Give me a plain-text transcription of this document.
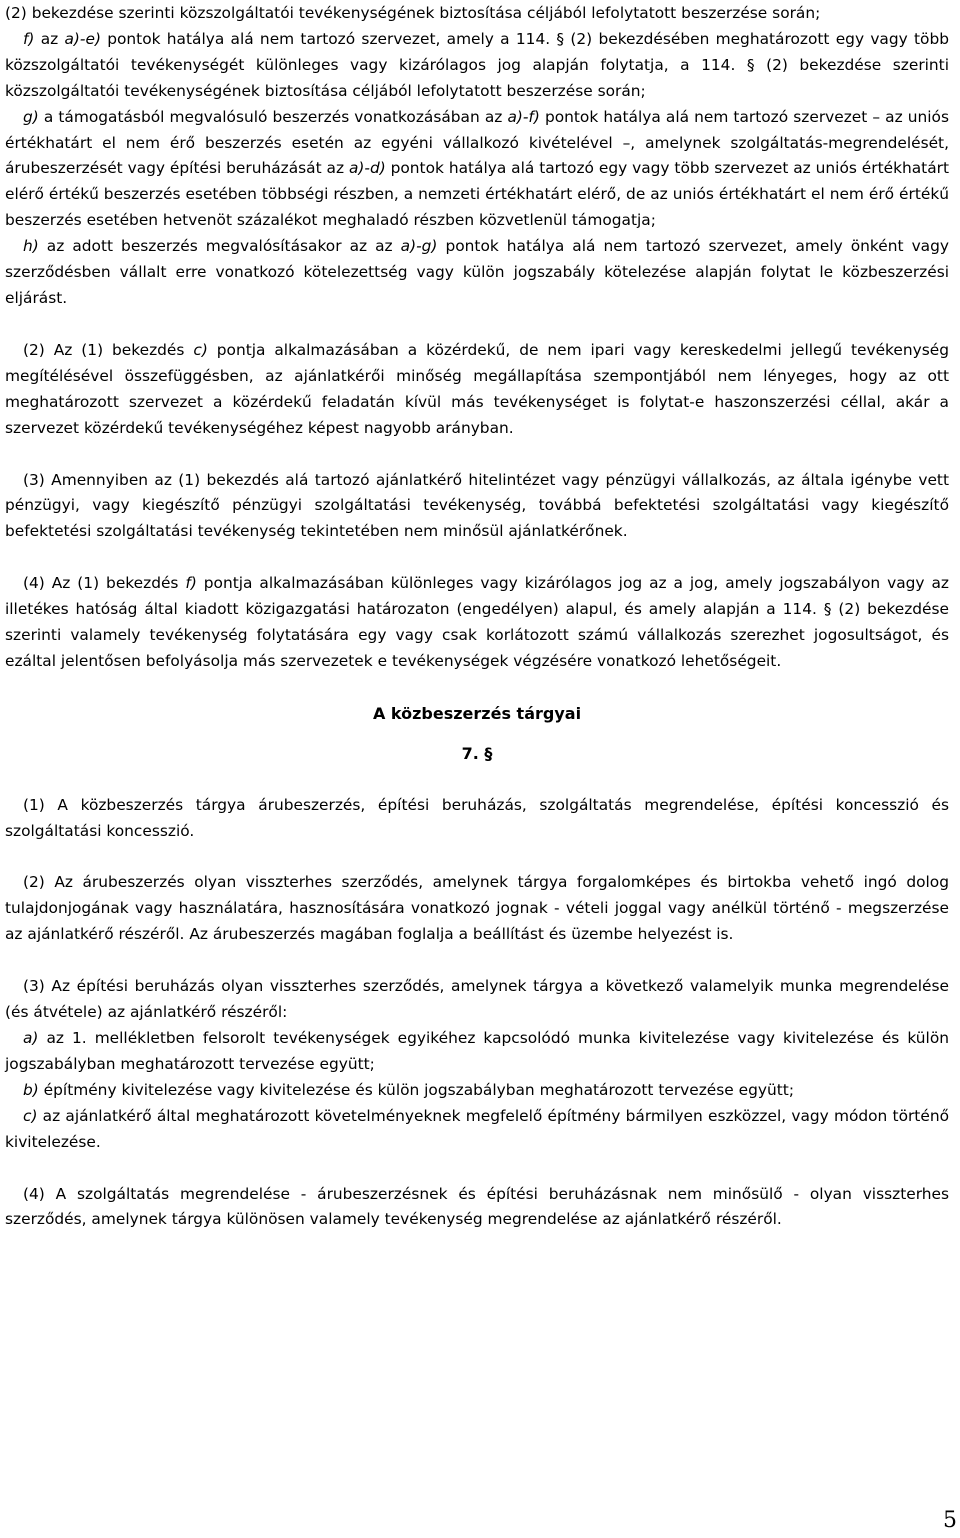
(2) bekezdése szerinti közszolgáltatói tevékenységének biztosítása céljából lefolytatott beszerzése során;

f) az a)-e) pontok hatálya alá nem tartozó szervezet, amely a 114. § (2) bekezdésében meghatározott egy vagy több közszolgáltatói tevékenységét különleges vagy kizárólagos jog alapján folytatja, a 114. § (2) bekezdése szerinti közszolgáltatói tevékenységének biztosítása céljából lefolytatott beszerzése során;

g) a támogatásból megvalósuló beszerzés vonatkozásában az a)-f) pontok hatálya alá nem tartozó szervezet – az uniós értékhatárt el nem érő beszerzés esetén az egyéni vállalkozó kivételével –, amelynek szolgáltatás-megrendelését, árubeszerzését vagy építési beruházását az a)-d) pontok hatálya alá tartozó egy vagy több szervezet az uniós értékhatárt elérő értékű beszerzés esetében többségi részben, a nemzeti értékhatárt elérő, de az uniós értékhatárt el nem érő értékű beszerzés esetében hetvenöt százalékot meghaladó részben közvetlenül támogatja;

h) az adott beszerzés megvalósításakor az az a)-g) pontok hatálya alá nem tartozó szervezet, amely önként vagy szerződésben vállalt erre vonatkozó kötelezettség vagy külön jogszabály kötelezése alapján folytat le közbeszerzési eljárást.

(2) Az (1) bekezdés c) pontja alkalmazásában a közérdekű, de nem ipari vagy kereskedelmi jellegű tevékenység megítélésével összefüggésben, az ajánlatkérői minőség megállapítása szempontjából nem lényeges, hogy az ott meghatározott szervezet a közérdekű feladatán kívül más tevékenységet is folytat-e haszonszerzési céllal, akár a szervezet közérdekű tevékenységéhez képest nagyobb arányban.

(3) Amennyiben az (1) bekezdés alá tartozó ajánlatkérő hitelintézet vagy pénzügyi vállalkozás, az általa igénybe vett pénzügyi, vagy kiegészítő pénzügyi szolgáltatási tevékenység, továbbá befektetési szolgáltatási vagy kiegészítő befektetési szolgáltatási tevékenység tekintetében nem minősül ajánlatkérőnek.

(4) Az (1) bekezdés f) pontja alkalmazásában különleges vagy kizárólagos jog az a jog, amely jogszabályon vagy az illetékes hatóság által kiadott közigazgatási határozaton (engedélyen) alapul, és amely alapján a 114. § (2) bekezdése szerinti valamely tevékenység folytatására egy vagy csak korlátozott számú vállalkozás szerezhet jogosultságot, és ezáltal jelentősen befolyásolja más szervezetek e tevékenységek végzésére vonatkozó lehetőségeit.

A közbeszerzés tárgyai
7. §

(1) A közbeszerzés tárgya árubeszerzés, építési beruházás, szolgáltatás megrendelése, építési koncesszió és szolgáltatási koncesszió.

(2) Az árubeszerzés olyan visszterhes szerződés, amelynek tárgya forgalomképes és birtokba vehető ingó dolog tulajdonjogának vagy használatára, hasznosítására vonatkozó jognak - vételi joggal vagy anélkül történő - megszerzése az ajánlatkérő részéről. Az árubeszerzés magában foglalja a beállítást és üzembe helyezést is.

(3) Az építési beruházás olyan visszterhes szerződés, amelynek tárgya a következő valamelyik munka megrendelése (és átvétele) az ajánlatkérő részéről:

a) az 1. mellékletben felsorolt tevékenységek egyikéhez kapcsolódó munka kivitelezése vagy kivitelezése és külön jogszabályban meghatározott tervezése együtt;

b) építmény kivitelezése vagy kivitelezése és külön jogszabályban meghatározott tervezése együtt;

c) az ajánlatkérő által meghatározott követelményeknek megfelelő építmény bármilyen eszközzel, vagy módon történő kivitelezése.

(4) A szolgáltatás megrendelése - árubeszerzésnek és építési beruházásnak nem minősülő - olyan visszterhes szerződés, amelynek tárgya különösen valamely tevékenység megrendelése az ajánlatkérő részéről.

5
